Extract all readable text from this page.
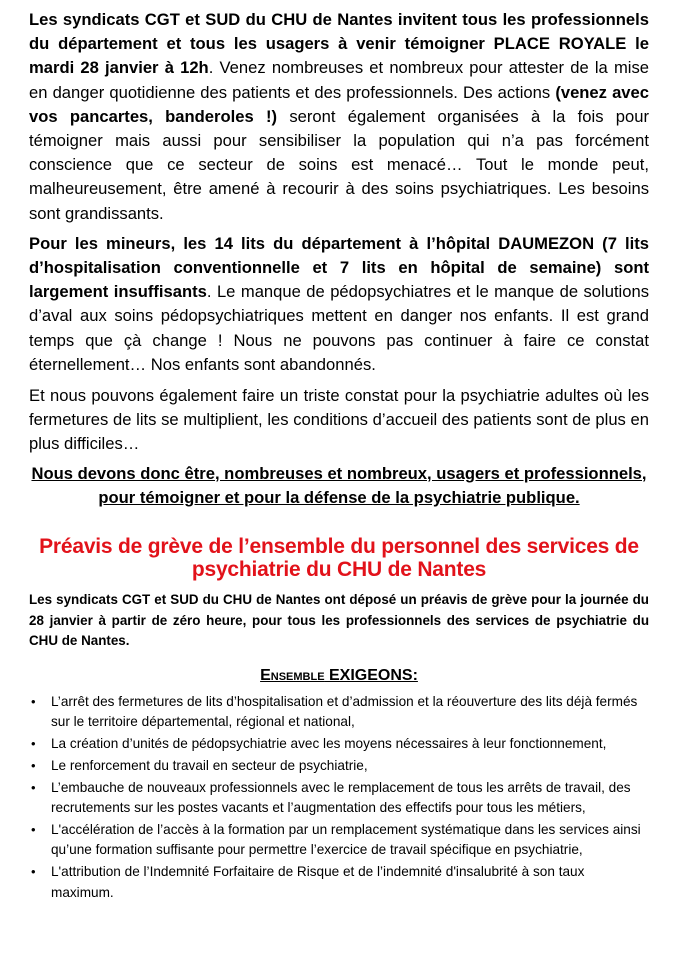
Les syndicats CGT et SUD du CHU de Nantes invitent tous les professionnels du département et tous les usagers à venir témoigner PLACE ROYALE le mardi 28 janvier à 12h. Venez nombreuses et nombreux pour attester de la mise en danger quotidienne des patients et des professionnels. Des actions (venez avec vos pancartes, banderoles !) seront également organisées à la fois pour témoigner mais aussi pour sensibiliser la population qui n’a pas forcément conscience que ce secteur de soins est menacé… Tout le monde peut, malheureusement, être amené à recourir à des soins psychiatriques. Les besoins sont grandissants.

Pour les mineurs, les 14 lits du département à l’hôpital DAUMEZON (7 lits d’hospitalisation conventionnelle et 7 lits en hôpital de semaine) sont largement insuffisants. Le manque de pédopsychiatres et le manque de solutions d’aval aux soins pédopsychiatriques mettent en danger nos enfants. Il est grand temps que çà change ! Nous ne pouvons pas continuer à faire ce constat éternellement… Nos enfants sont abandonnés.

Et nous pouvons également faire un triste constat pour la psychiatrie adultes où les fermetures de lits se multiplient, les conditions d’accueil des patients sont de plus en plus difficiles…

Nous devons donc être, nombreuses et nombreux, usagers et professionnels, pour témoigner et pour la défense de la psychiatrie publique.

Préavis de grève de l’ensemble du personnel des services de psychiatrie du CHU de Nantes

Les syndicats CGT et SUD du CHU de Nantes ont déposé un préavis de grève pour la journée du 28 janvier à partir de zéro heure, pour tous les professionnels des services de psychiatrie du CHU de Nantes.

Ensemble EXIGEONS:
• L’arrêt des fermetures de lits d’hospitalisation et d’admission et la réouverture des lits déjà fermés sur le territoire départemental, régional et national,
• La création d’unités de pédopsychiatrie avec les moyens nécessaires à leur fonctionnement,
• Le renforcement du travail en secteur de psychiatrie,
• L’embauche de nouveaux professionnels avec le remplacement de tous les arrêts de travail, des recrutements sur les postes vacants et l’augmentation des effectifs pour tous les métiers,
• L'accélération de l’accès à la formation par un remplacement systématique dans les services ainsi qu’une formation suffisante pour permettre l’exercice de travail spécifique en psychiatrie,
• L'attribution de l’Indemnité Forfaitaire de Risque et de l’indemnité d'insalubrité à son taux maximum.
